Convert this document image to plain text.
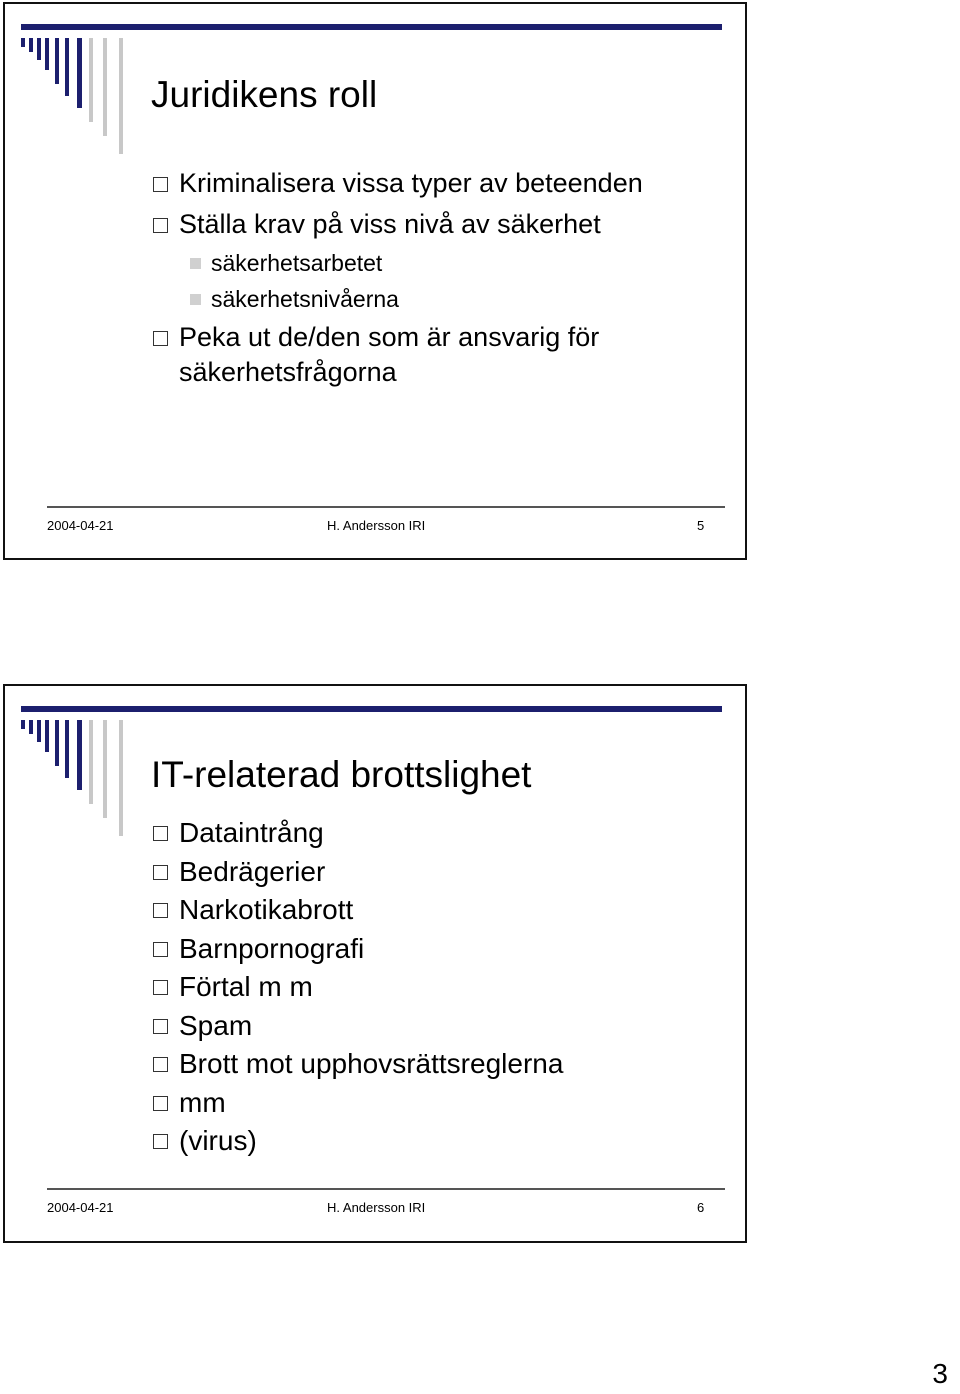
Juridikens roll
Kriminalisera vissa typer av beteenden
Ställa krav på viss nivå av säkerhet
säkerhetsarbetet
säkerhetsnivåerna
Peka ut de/den som är ansvarig för säkerhetsfrågorna
2004-04-21	H. Andersson IRI	5
IT-relaterad brottslighet
Dataintrång
Bedrägerier
Narkotikabrott
Barnpornografi
Förtal m m
Spam
Brott mot upphovsrättsreglerna
mm
(virus)
2004-04-21	H. Andersson IRI	6
3
